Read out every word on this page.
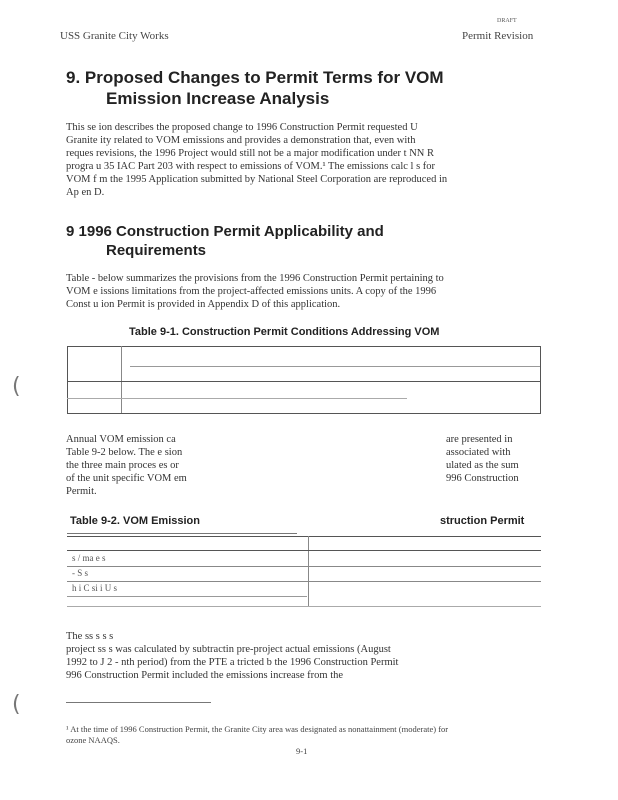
USS Granite City Works	Permit Revision
DRAFT
9. Proposed Changes to Permit Terms for VOM
Emission Increase Analysis
This se ion describes the proposed change to 1996 Construction Permit requested U
Granite ity related to VOM emissions and provides a demonstration that, even with
reques revisions, the 1996 Project would still not be a major modification under t NN R
progra u 35 IAC Part 203 with respect to emissions of VOM.¹ The emissions calc l s for
VOM f m the 1995 Application submitted by National Steel Corporation are reproduced in
Ap en D.
9 1996 Construction Permit Applicability and
Requirements
Table - below summarizes the provisions from the 1996 Construction Permit pertaining to
VOM e issions limitations from the project-affected emissions units. A copy of the 1996
Const u ion Permit is provided in Appendix D of this application.
Table 9-1. Construction Permit Conditions Addressing VOM
Annual VOM emission ca
Table 9-2 below. The e sion
the three main proces es or
of the unit specific VOM em
Permit.
are presented in
associated with
ulated as the sum
996 Construction
Table 9-2. VOM Emission	struction Permit
s / ma e s
- S s
h i C si i U s
The ss s s s
project ss s was calculated by subtractin pre-project actual emissions (August
1992 to J 2 - nth period) from the PTE a tricted b the 1996 Construction Permit
996 Construction Permit included the emissions increase from the
¹ At the time of 1996 Construction Permit, the Granite City area was designated as nonattainment (moderate) for
ozone NAAQS.
9-1
(
(
